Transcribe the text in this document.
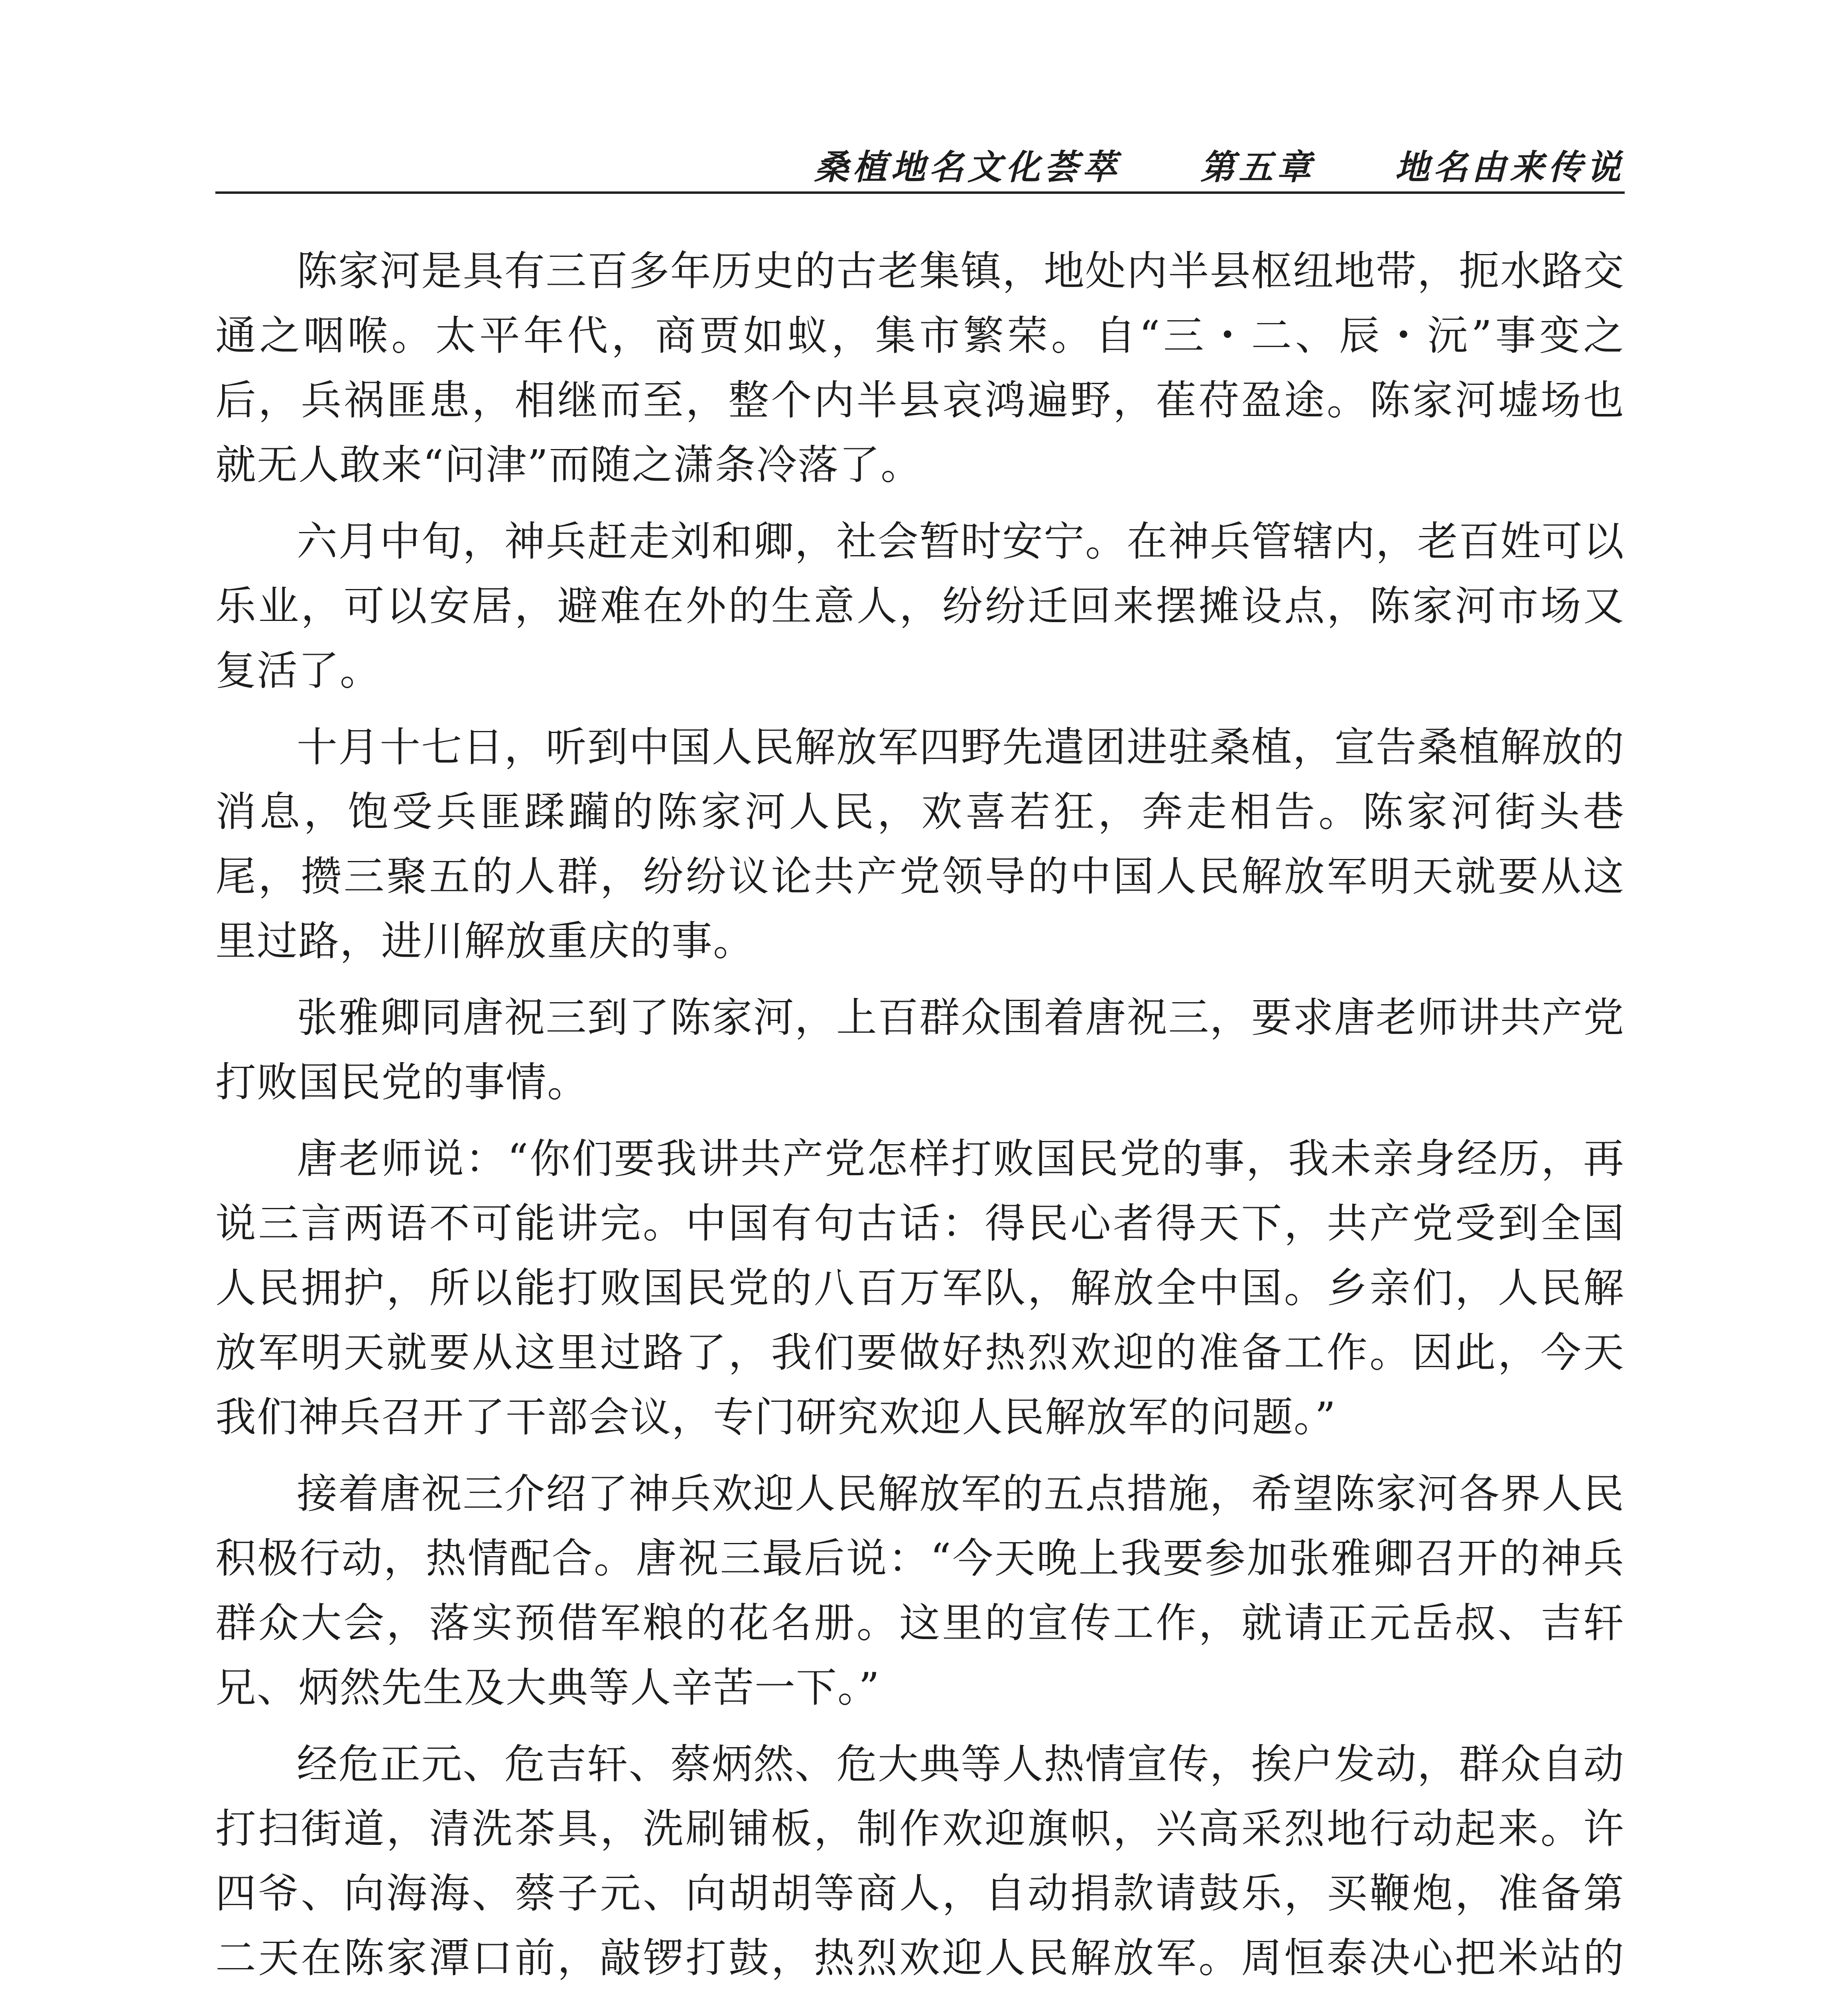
桑植地名文化荟萃 第五章 地名由来传说

陈家河是具有三百多年历史的古老集镇，地处内半县枢纽地带，扼水路交通之咽喉。太平年代，商贾如蚁，集市繁荣。自“三・二、辰・沅”事变之后，兵祸匪患，相继而至，整个内半县哀鸿遍野，萑苻盈途。陈家河墟场也就无人敢来“问津”而随之潇条冷落了。

六月中旬，神兵赶走刘和卿，社会暂时安宁。在神兵管辖内，老百姓可以乐业，可以安居，避难在外的生意人，纷纷迁回来摆摊设点，陈家河市场又复活了。

十月十七日，听到中国人民解放军四野先遣团进驻桑植，宣告桑植解放的消息，饱受兵匪蹂躏的陈家河人民，欢喜若狂，奔走相告。陈家河街头巷尾，攒三聚五的人群，纷纷议论共产党领导的中国人民解放军明天就要从这里过路，进川解放重庆的事。

张雅卿同唐祝三到了陈家河，上百群众围着唐祝三，要求唐老师讲共产党打败国民党的事情。

唐老师说：“你们要我讲共产党怎样打败国民党的事，我未亲身经历，再说三言两语不可能讲完。中国有句古话：得民心者得天下，共产党受到全国人民拥护，所以能打败国民党的八百万军队，解放全中国。乡亲们，人民解放军明天就要从这里过路了，我们要做好热烈欢迎的准备工作。因此，今天我们神兵召开了干部会议，专门研究欢迎人民解放军的问题。”

接着唐祝三介绍了神兵欢迎人民解放军的五点措施，希望陈家河各界人民积极行动，热情配合。唐祝三最后说：“今天晚上我要参加张雅卿召开的神兵群众大会，落实预借军粮的花名册。这里的宣传工作，就请正元岳叔、吉轩兄、炳然先生及大典等人辛苦一下。”

经危正元、危吉轩、蔡炳然、危大典等人热情宣传，挨户发动，群众自动打扫街道，清洗茶具，洗刷铺板，制作欢迎旗帜，兴高采烈地行动起来。许四爷、向海海、蔡子元、向胡胡等商人，自动捐款请鼓乐，买鞭炮，准备第二天在陈家潭口前，敲锣打鼓，热烈欢迎人民解放军。周恒泰决心把米站的
